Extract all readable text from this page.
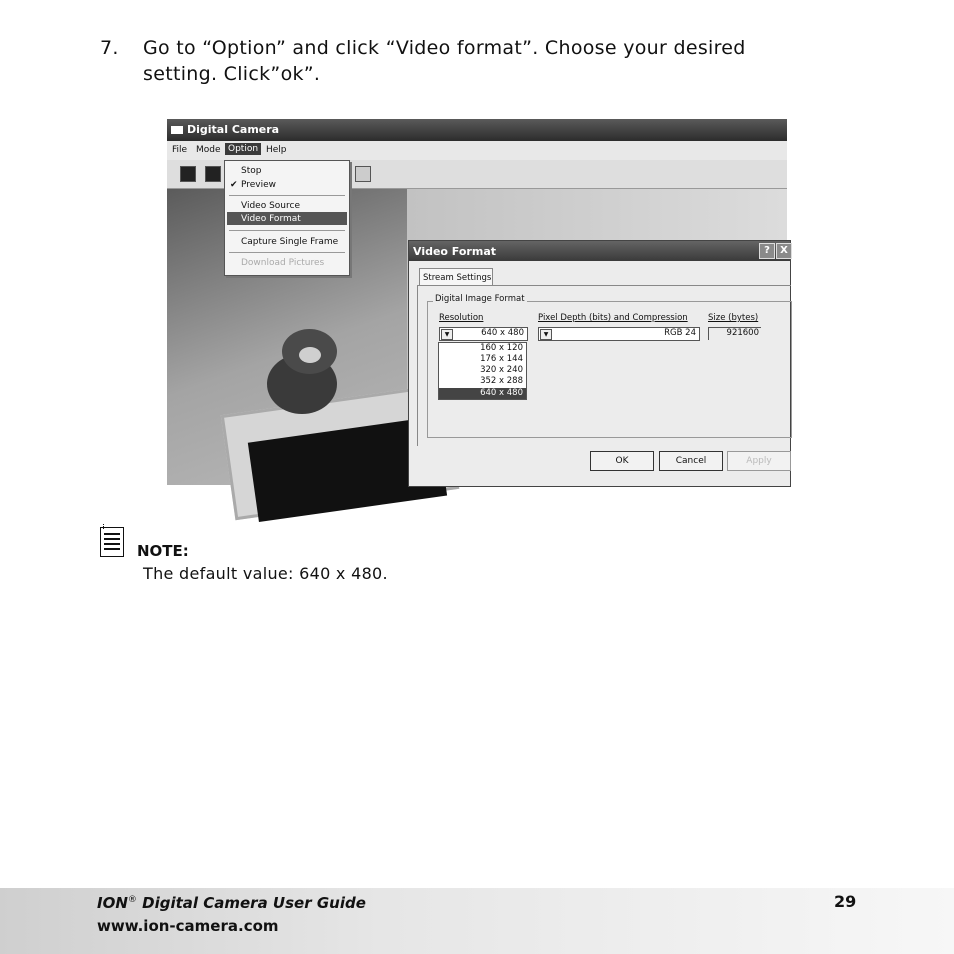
7. Go to “Option” and click “Video format”. Choose your desired setting. Click”ok”.
Digital Camera
File Mode Option Help
Stop
✔ Preview
Video Source
Video Format
Capture Single Frame
Download Pictures
Video Format	?	X
Stream Settings
Digital Image Format
Resolution
▼	640 x 480
Pixel Depth (bits) and Compression
▼	RGB 24
Size (bytes)
921600
OK	Cancel	Apply
160 x 120
176 x 144
320 x 240
352 x 288
640 x 480
NOTE:
The default value: 640 x 480.
ION® Digital Camera User Guide
www.ion-camera.com
29
